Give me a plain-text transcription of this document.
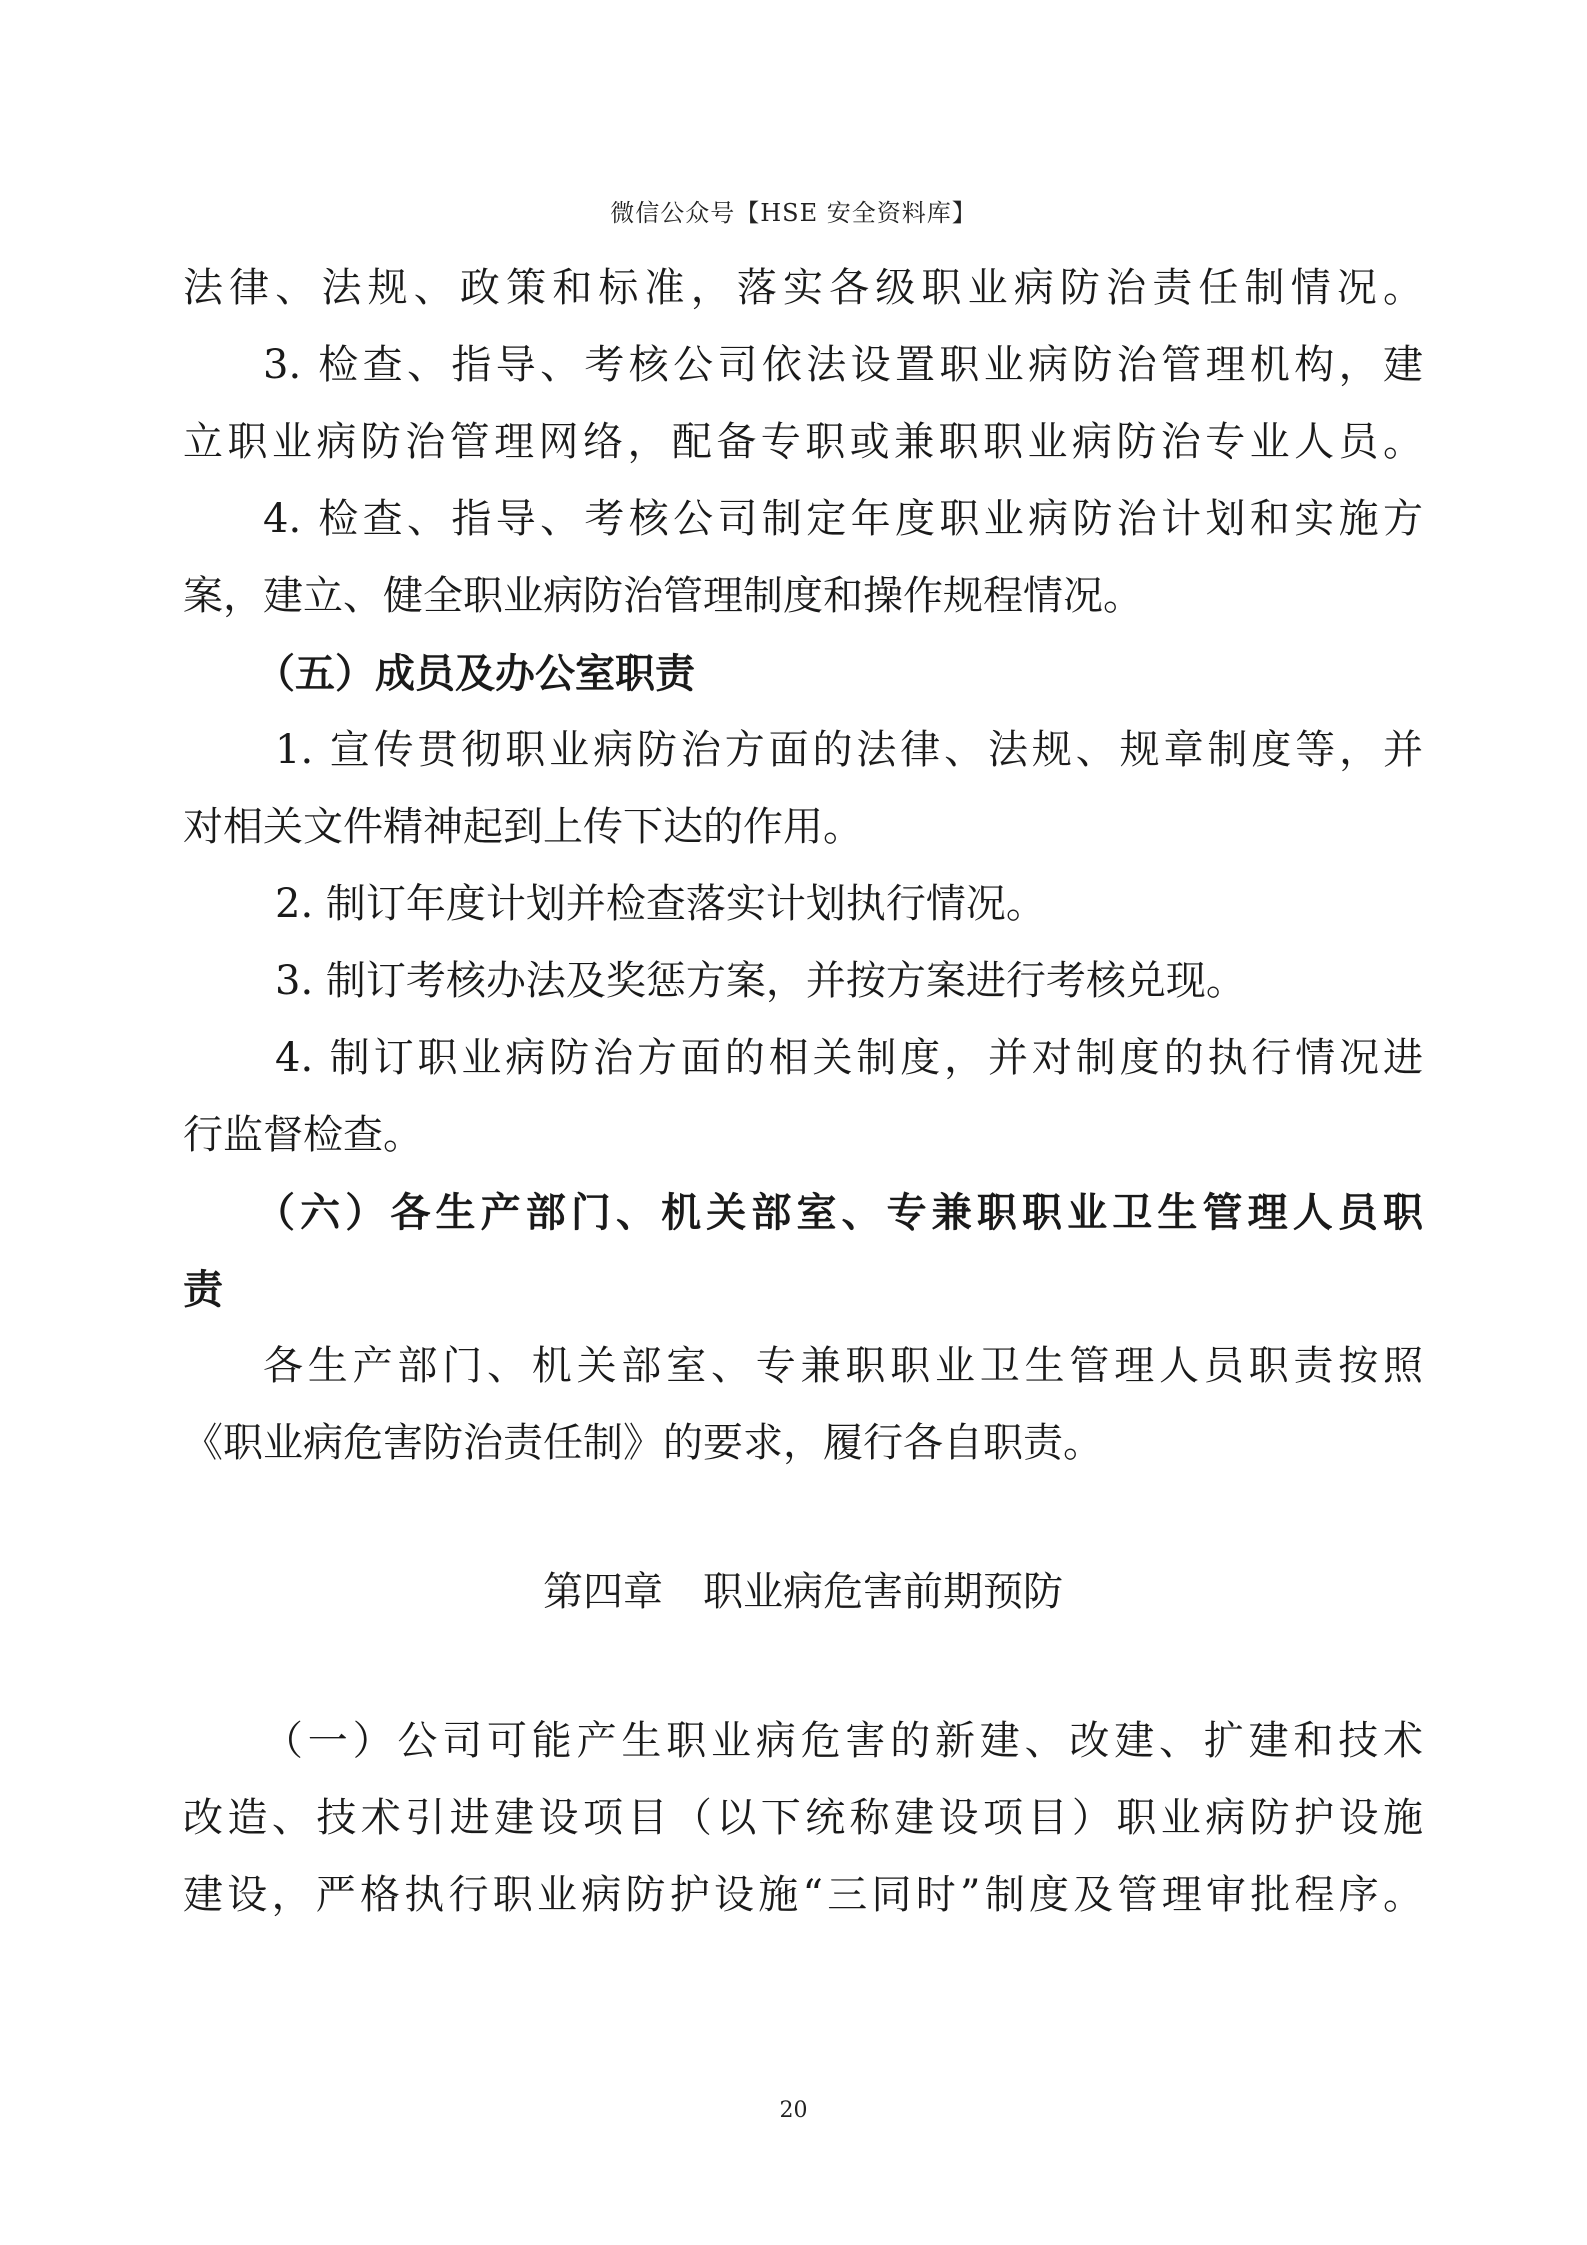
微信公众号【HSE 安全资料库】
法律、法规、政策和标准，落实各级职业病防治责任制情况。
3. 检查、指导、考核公司依法设置职业病防治管理机构，建
立职业病防治管理网络，配备专职或兼职职业病防治专业人员。
4. 检查、指导、考核公司制定年度职业病防治计划和实施方
案，建立、健全职业病防治管理制度和操作规程情况。
（五）成员及办公室职责
1. 宣传贯彻职业病防治方面的法律、法规、规章制度等，并
对相关文件精神起到上传下达的作用。
2. 制订年度计划并检查落实计划执行情况。
3. 制订考核办法及奖惩方案，并按方案进行考核兑现。
4. 制订职业病防治方面的相关制度，并对制度的执行情况进
行监督检查。
（六）各生产部门、机关部室、专兼职职业卫生管理人员职
责
各生产部门、机关部室、专兼职职业卫生管理人员职责按照
《职业病危害防治责任制》的要求，履行各自职责。
第四章　职业病危害前期预防
（一）公司可能产生职业病危害的新建、改建、扩建和技术
改造、技术引进建设项目（以下统称建设项目）职业病防护设施
建设，严格执行职业病防护设施“三同时”制度及管理审批程序。
20
